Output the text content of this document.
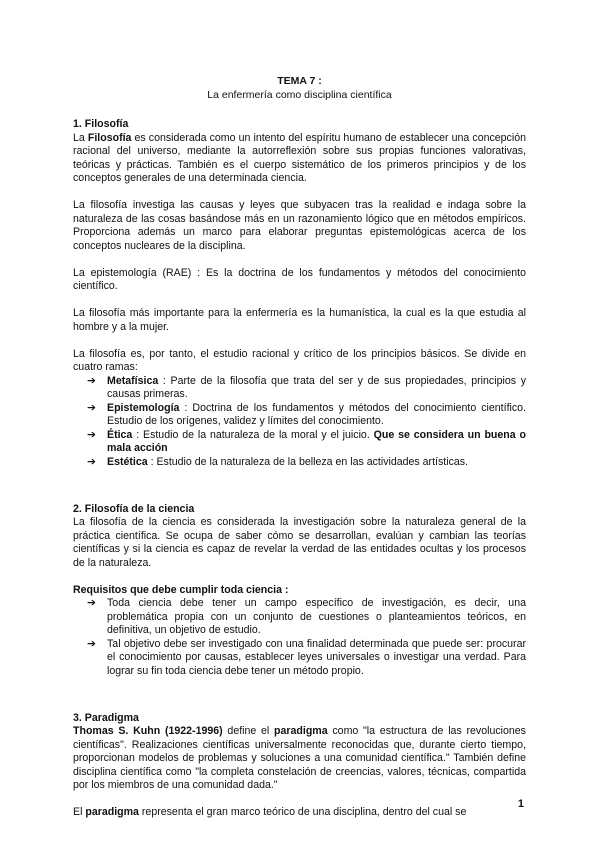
TEMA 7 :
La enfermería como disciplina científica
1. Filosofía

La Filosofía es considerada como un intento del espíritu humano de establecer una concepción racional del universo, mediante la autorreflexión sobre sus propias funciones valorativas, teóricas y prácticas. También es el cuerpo sistemático de los primeros principios y de los conceptos generales de una determinada ciencia.

La filosofía investiga las causas y leyes que subyacen tras la realidad e indaga sobre la naturaleza de las cosas basándose más en un razonamiento lógico que en métodos empíricos. Proporciona además un marco para elaborar preguntas epistemológicas acerca de los conceptos nucleares de la disciplina.

La epistemología (RAE) : Es la doctrina de los fundamentos y métodos del conocimiento científico.

La filosofía más importante para la enfermería es la humanística, la cual es la que estudia al hombre y a la mujer.

La filosofía es, por tanto, el estudio racional y crítico de los principios básicos. Se divide en cuatro ramas:

➔ Metafísica : Parte de la filosofía que trata del ser y de sus propiedades, principios y causas primeras.
➔ Epistemología : Doctrina de los fundamentos y métodos del conocimiento científico. Estudio de los orígenes, validez y límites del conocimiento.
➔ Ética : Estudio de la naturaleza de la moral y el juicio. Que se considera un buena o mala acción
➔ Estética : Estudio de la naturaleza de la belleza en las actividades artísticas.
2. Filosofía de la ciencia

La filosofía de la ciencia es considerada la investigación sobre la naturaleza general de la práctica científica. Se ocupa de saber cómo se desarrollan, evalúan y cambian las teorías científicas y si la ciencia es capaz de revelar la verdad de las entidades ocultas y los procesos de la naturaleza.

Requisitos que debe cumplir toda ciencia :
➔ Toda ciencia debe tener un campo específico de investigación, es decir, una problemática propia con un conjunto de cuestiones o planteamientos teóricos, en definitiva, un objetivo de estudio.
➔ Tal objetivo debe ser investigado con una finalidad determinada que puede ser: procurar el conocimiento por causas, establecer leyes universales o investigar una verdad. Para lograr su fin toda ciencia debe tener un método propio.
3. Paradigma

Thomas S. Kuhn (1922-1996) define el paradigma como "la estructura de las revoluciones científicas". Realizaciones científicas universalmente reconocidas que, durante cierto tiempo, proporcionan modelos de problemas y soluciones a una comunidad científica." También define disciplina científica como "la completa constelación de creencias, valores, técnicas, compartida por los miembros de una comunidad dada."

El paradigma representa el gran marco teórico de una disciplina, dentro del cual se

1
